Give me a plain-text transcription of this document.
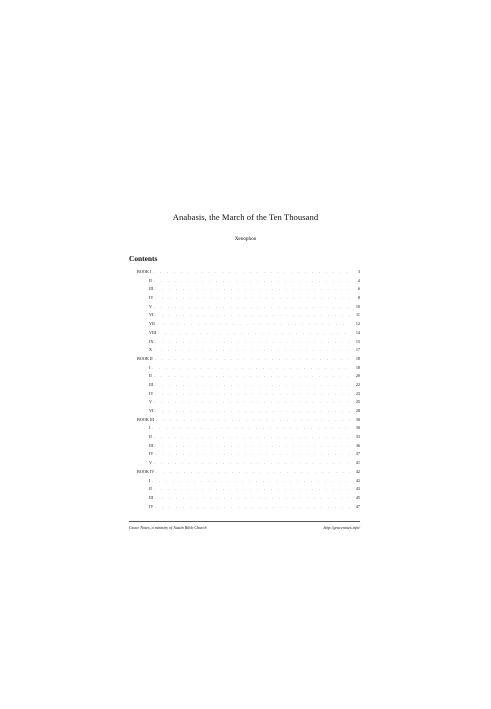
Anabasis, the March of the Ten Thousand
Xenophon
Contents
BOOK I . . .	3
II . . .	4
III . . .	6
IV . . .	8
V . . .	10
VI . . .	11
VII . . .	12
VIII . . .	14
IX . . .	15
X . . .	17
BOOK II . . .	18
I . . .	18
II . . .	20
III . . .	22
IV . . .	23
V . . .	25
VI . . .	28
BOOK III . . .	30
I . . .	30
II . . .	33
III . . .	36
IV . . .	37
V . . .	41
BOOK IV . . .	42
I . . .	42
II . . .	43
III . . .	45
IV . . .	47
Grace Notes, a ministry of Austin Bible Church	http://gracenotes.info/
